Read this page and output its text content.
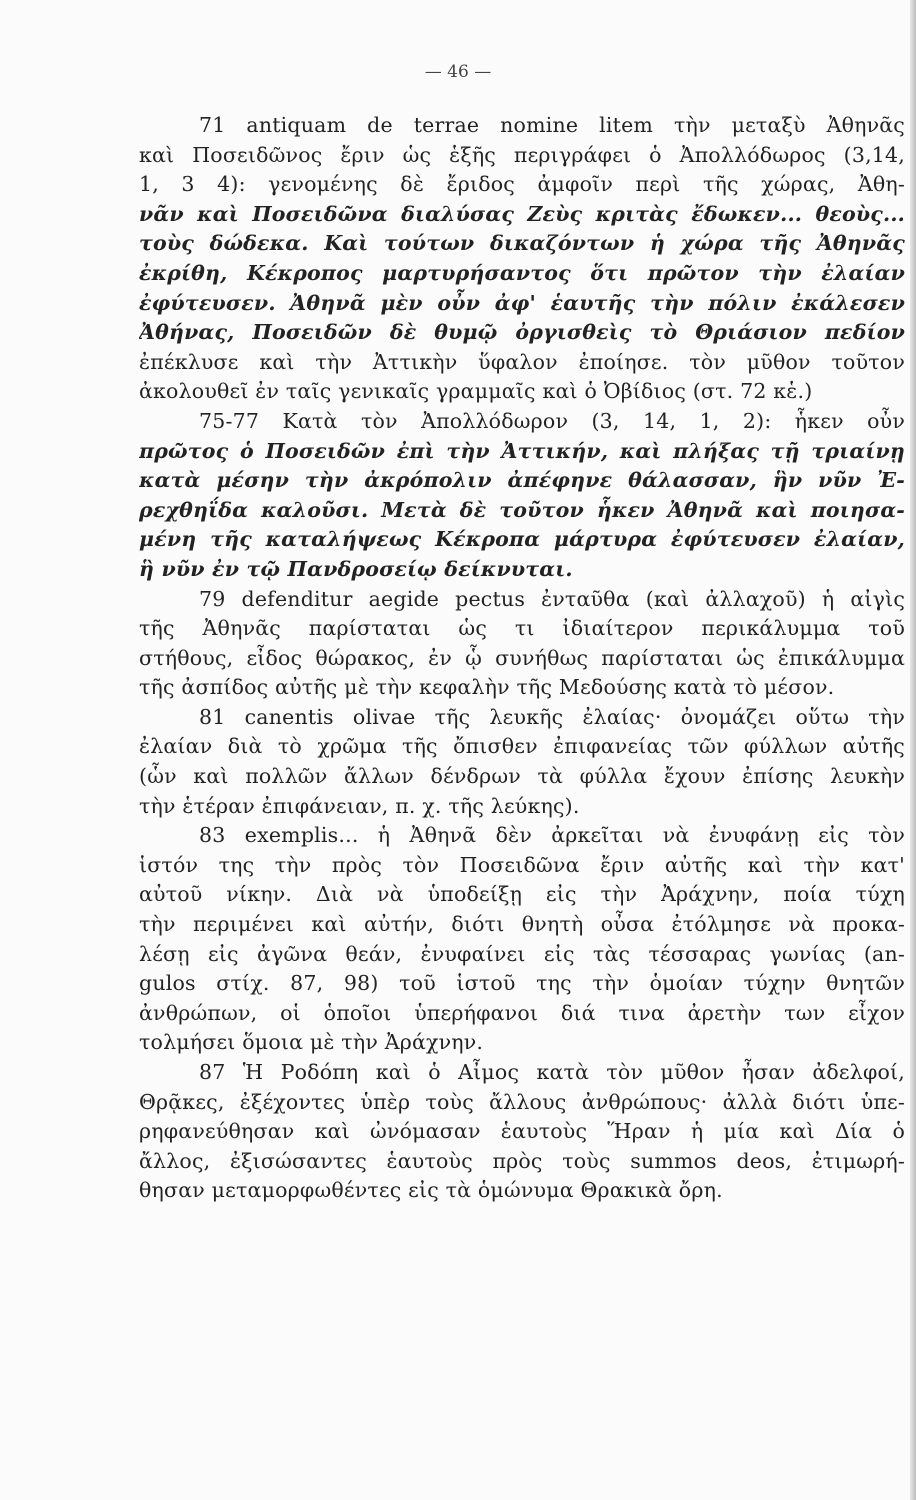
— 46 —
71 antiquam de terrae nomine litem τὴν μεταξὺ Ἀθηνᾶς
καὶ Ποσειδῶνος ἔριν ὡς ἑξῆς περιγράφει ὁ Ἀπολλόδωρος (3,14,
1, 3 4): γενομένης δὲ ἔριδος ἀμφοῖν περὶ τῆς χώρας, Ἀθη-
νᾶν καὶ Ποσειδῶνα διαλύσας Ζεὺς κριτὰς ἔδωκεν... θεοὺς...
τοὺς δώδεκα. Καὶ τούτων δικαζόντων ἡ χώρα τῆς Ἀθηνᾶς
ἐκρίθη, Κέκροπος μαρτυρήσαντος ὅτι πρῶτον τὴν ἐλαίαν
ἐφύτευσεν. Ἀθηνᾶ μὲν οὖν ἀφ' ἑαυτῆς τὴν πόλιν ἐκάλεσεν
Ἀθήνας, Ποσειδῶν δὲ θυμῷ ὀργισθεὶς τὸ Θριάσιον πεδίον
ἐπέκλυσε καὶ τὴν Ἀττικὴν ὕφαλον ἐποίησε. τὸν μῦθον τοῦτον
ἀκολουθεῖ ἐν ταῖς γενικαῖς γραμμαῖς καὶ ὁ Ὀβίδιος (στ. 72 κἑ.)
75-77 Κατὰ τὸν Ἀπολλόδωρον (3, 14, 1, 2): ἧκεν οὖν
πρῶτος ὁ Ποσειδῶν ἐπὶ τὴν Ἀττικήν, καὶ πλήξας τῇ τριαίνῃ
κατὰ μέσην τὴν ἀκρόπολιν ἀπέφηνε θάλασσαν, ἣν νῦν Ἐ-
ρεχθηΐδα καλοῦσι. Μετὰ δὲ τοῦτον ἧκεν Ἀθηνᾶ καὶ ποιησα-
μένη τῆς καταλήψεως Κέκροπα μάρτυρα ἐφύτευσεν ἐλαίαν,
ἣ νῦν ἐν τῷ Πανδροσείῳ δείκνυται.
79 defenditur aegide pectus ἐνταῦθα (καὶ ἀλλαχοῦ) ἡ αἰγὶς
τῆς Ἀθηνᾶς παρίσταται ὡς τι ἰδιαίτερον περικάλυμμα τοῦ
στήθους, εἶδος θώρακος, ἐν ᾧ συνήθως παρίσταται ὡς ἐπικάλυμμα
τῆς ἀσπίδος αὐτῆς μὲ τὴν κεφαλὴν τῆς Μεδούσης κατὰ τὸ μέσον.
81 canentis olivae τῆς λευκῆς ἐλαίας· ὀνομάζει οὕτω τὴν
ἐλαίαν διὰ τὸ χρῶμα τῆς ὄπισθεν ἐπιφανείας τῶν φύλλων αὐτῆς
(ὧν καὶ πολλῶν ἄλλων δένδρων τὰ φύλλα ἔχουν ἐπίσης λευκὴν
τὴν ἑτέραν ἐπιφάνειαν, π. χ. τῆς λεύκης).
83 exemplis... ἡ Ἀθηνᾶ δὲν ἀρκεῖται νὰ ἐνυφάνῃ εἰς τὸν
ἱστόν της τὴν πρὸς τὸν Ποσειδῶνα ἔριν αὐτῆς καὶ τὴν κατ'
αὐτοῦ νίκην. Διὰ νὰ ὑποδείξῃ εἰς τὴν Ἀράχνην, ποία τύχη
τὴν περιμένει καὶ αὐτήν, διότι θνητὴ οὖσα ἐτόλμησε νὰ προκα-
λέσῃ εἰς ἀγῶνα θεάν, ἐνυφαίνει εἰς τὰς τέσσαρας γωνίας (an-
gulos στίχ. 87, 98) τοῦ ἱστοῦ της τὴν ὁμοίαν τύχην θνητῶν
ἀνθρώπων, οἱ ὁποῖοι ὑπερήφανοι διά τινα ἀρετὴν των εἶχον
τολμήσει ὅμοια μὲ τὴν Ἀράχνην.
87 Ἡ Ροδόπη καὶ ὁ Αἶμος κατὰ τὸν μῦθον ἦσαν ἀδελφοί,
Θρᾷκες, ἐξέχοντες ὑπὲρ τοὺς ἄλλους ἀνθρώπους· ἀλλὰ διότι ὑπε-
ρηφανεύθησαν καὶ ὠνόμασαν ἑαυτοὺς Ἥραν ἡ μία καὶ Δία ὁ
ἄλλος, ἐξισώσαντες ἑαυτοὺς πρὸς τοὺς summos deos, ἐτιμωρή-
θησαν μεταμορφωθέντες εἰς τὰ ὁμώνυμα Θρακικὰ ὄρη.
